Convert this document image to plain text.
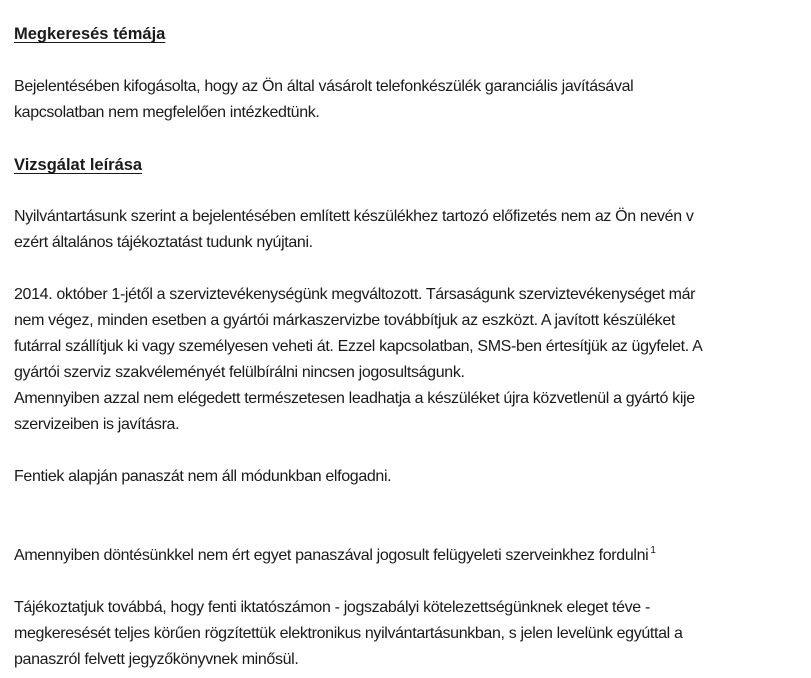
Megkeresés témája
Bejelentésében kifogásolta, hogy az Ön által vásárolt telefonkészülék garanciális javításával
kapcsolatban nem megfelelően intézkedtünk.
Vizsgálat leírása
Nyilvántartásunk szerint a bejelentésében említett készülékhez tartozó előfizetés nem az Ön nevén v
ezért általános tájékoztatást tudunk nyújtani.
2014. október 1-jétől a szerviztevékenységünk megváltozott. Társaságunk szerviztevékenységet már
nem végez, minden esetben a gyártói márkaszervizbe továbbítjuk az eszközt. A javított készüléket
futárral szállítjuk ki vagy személyesen veheti át. Ezzel kapcsolatban, SMS-ben értesítjük az ügyfelet. A
gyártói szerviz szakvéleményét felülbírálni nincsen jogosultságunk.
Amennyiben azzal nem elégedett természetesen leadhatja a készüléket újra közvetlenül a gyártó kije
szervizeiben is javításra.
Fentiek alapján panaszát nem áll módunkban elfogadni.
Amennyiben döntésünkkel nem ért egyet panaszával jogosult felügyeleti szerveinkhez fordulni $^1$
Tájékoztatjuk továbbá, hogy fenti iktatószámon - jogszabályi kötelezettségünknek eleget téve -
megkeresését teljes körűen rögzítettük elektronikus nyilvántartásunkban, s jelen levelünk egyúttal a
panaszról felvett jegyzőkönyvnek minősül.
